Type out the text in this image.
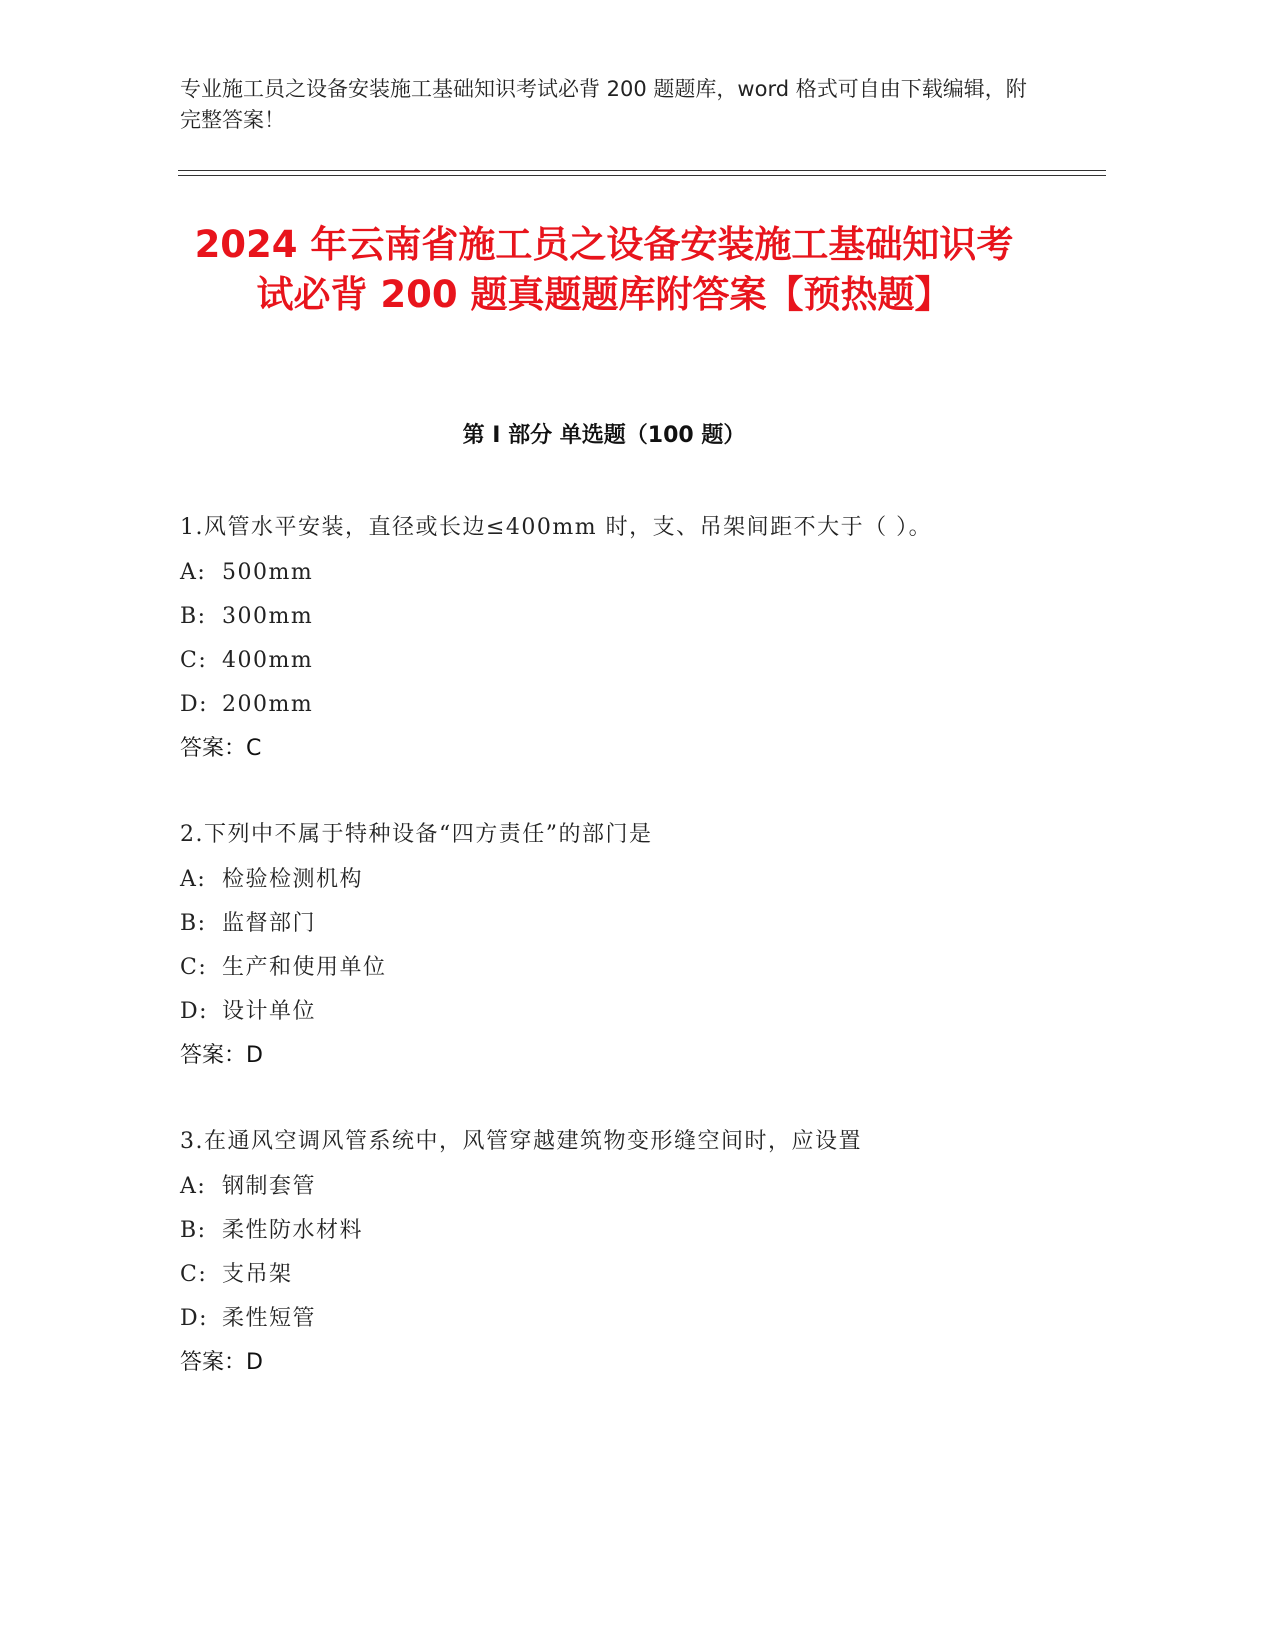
专业施工员之设备安装施工基础知识考试必背 200 题题库，word 格式可自由下载编辑，附完整答案！

2024 年云南省施工员之设备安装施工基础知识考试必背 200 题真题题库附答案【预热题】
第 I 部分 单选题（100 题）

1.风管水平安装，直径或长边≤400mm 时，支、吊架间距不大于（ ）。

A: 500mm

B: 300mm

C: 400mm

D: 200mm

答案：C

2.下列中不属于特种设备“四方责任”的部门是

A: 检验检测机构

B: 监督部门

C: 生产和使用单位

D: 设计单位

答案：D

3.在通风空调风管系统中，风管穿越建筑物变形缝空间时，应设置

A: 钢制套管

B: 柔性防水材料

C: 支吊架

D: 柔性短管

答案：D
